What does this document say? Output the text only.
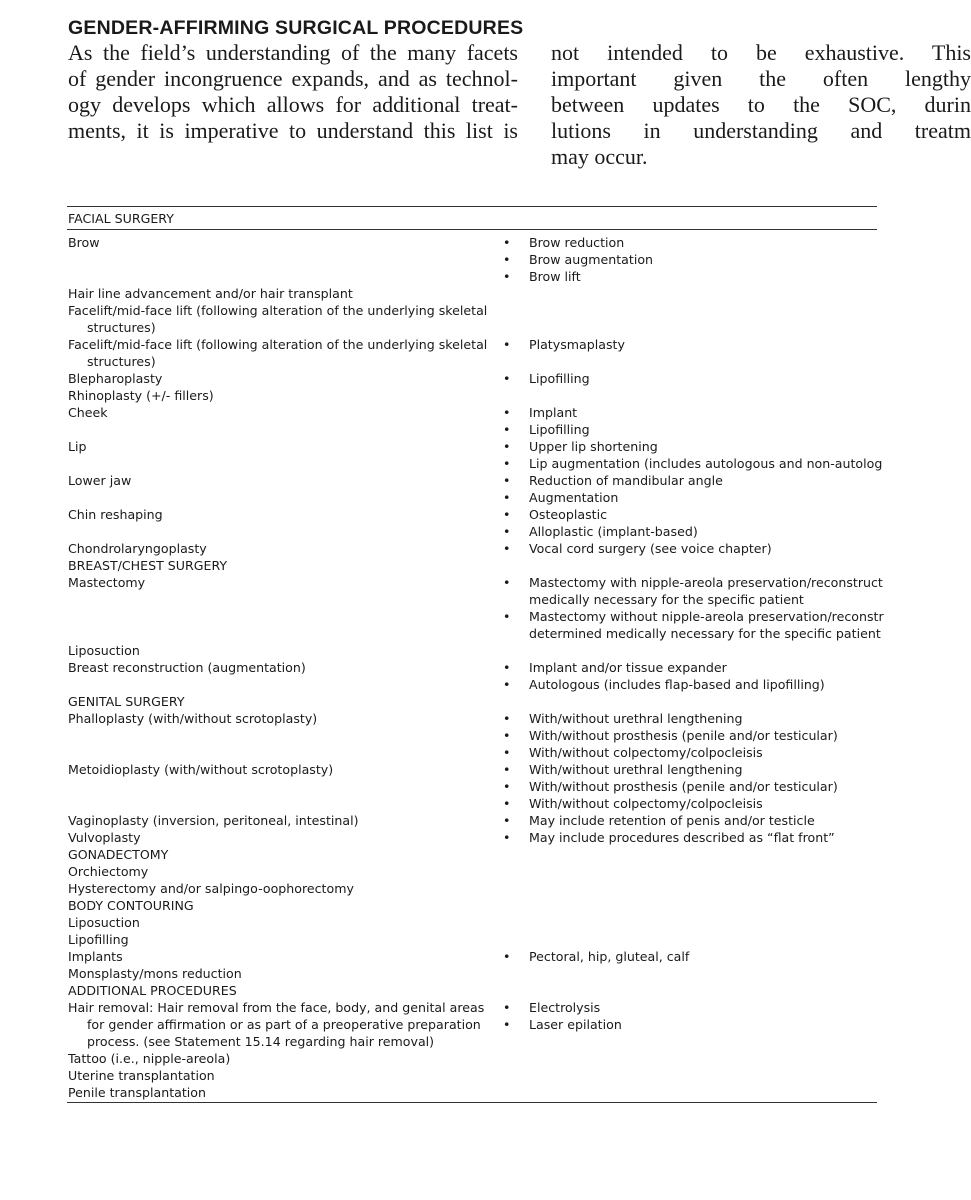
GENDER-AFFIRMING SURGICAL PROCEDURES
As the field’s understanding of the many facets
of gender incongruence expands, and as technol-
ogy develops which allows for additional treat-
ments, it is imperative to understand this list is
not intended to be exhaustive. This
important given the often lengthy
between updates to the SOC, durin
lutions in understanding and treatm
may occur.
FACIAL SURGERY
Brow	• Brow reduction
• Brow augmentation
• Brow lift
Hair line advancement and/or hair transplant
Facelift/mid-face lift (following alteration of the underlying skeletal
structures)
Facelift/mid-face lift (following alteration of the underlying skeletal
structures)
• Platysmaplasty
Blepharoplasty	• Lipofilling
Rhinoplasty (+/- fillers)
Cheek	• Implant
• Lipofilling
Lip	• Upper lip shortening
• Lip augmentation (includes autologous and non-autolog
Lower jaw	• Reduction of mandibular angle
• Augmentation
Chin reshaping	• Osteoplastic
• Alloplastic (implant-based)
Chondrolaryngoplasty	• Vocal cord surgery (see voice chapter)
BREAST/CHEST SURGERY
Mastectomy	• Mastectomy with nipple-areola preservation/reconstruct
medically necessary for the specific patient
• Mastectomy without nipple-areola preservation/reconstr
determined medically necessary for the specific patient
Liposuction
Breast reconstruction (augmentation)	• Implant and/or tissue expander
• Autologous (includes flap-based and lipofilling)
GENITAL SURGERY
Phalloplasty (with/without scrotoplasty)	• With/without urethral lengthening
• With/without prosthesis (penile and/or testicular)
• With/without colpectomy/colpocleisis
Metoidioplasty (with/without scrotoplasty)	• With/without urethral lengthening
• With/without prosthesis (penile and/or testicular)
• With/without colpectomy/colpocleisis
Vaginoplasty (inversion, peritoneal, intestinal)	• May include retention of penis and/or testicle
Vulvoplasty	• May include procedures described as “flat front”
GONADECTOMY
Orchiectomy
Hysterectomy and/or salpingo-oophorectomy
BODY CONTOURING
Liposuction
Lipofilling
Implants	• Pectoral, hip, gluteal, calf
Monsplasty/mons reduction
ADDITIONAL PROCEDURES
Hair removal: Hair removal from the face, body, and genital areas
for gender affirmation or as part of a preoperative preparation
process. (see Statement 15.14 regarding hair removal)
• Electrolysis
• Laser epilation
Tattoo (i.e., nipple-areola)
Uterine transplantation
Penile transplantation
